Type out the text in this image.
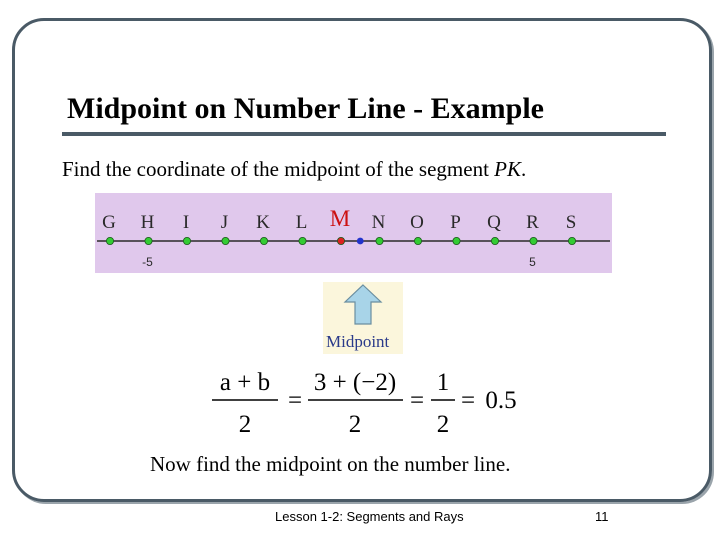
Midpoint on Number Line - Example
Find the coordinate of the midpoint of the segment PK.
G H I J K L M N O P Q R S
-5	5
Midpoint
a + b
2
=
3 + (−2)
2
=
1
2
= 0.5
Now find the midpoint on the number line.
Lesson 1-2: Segments and Rays	11
